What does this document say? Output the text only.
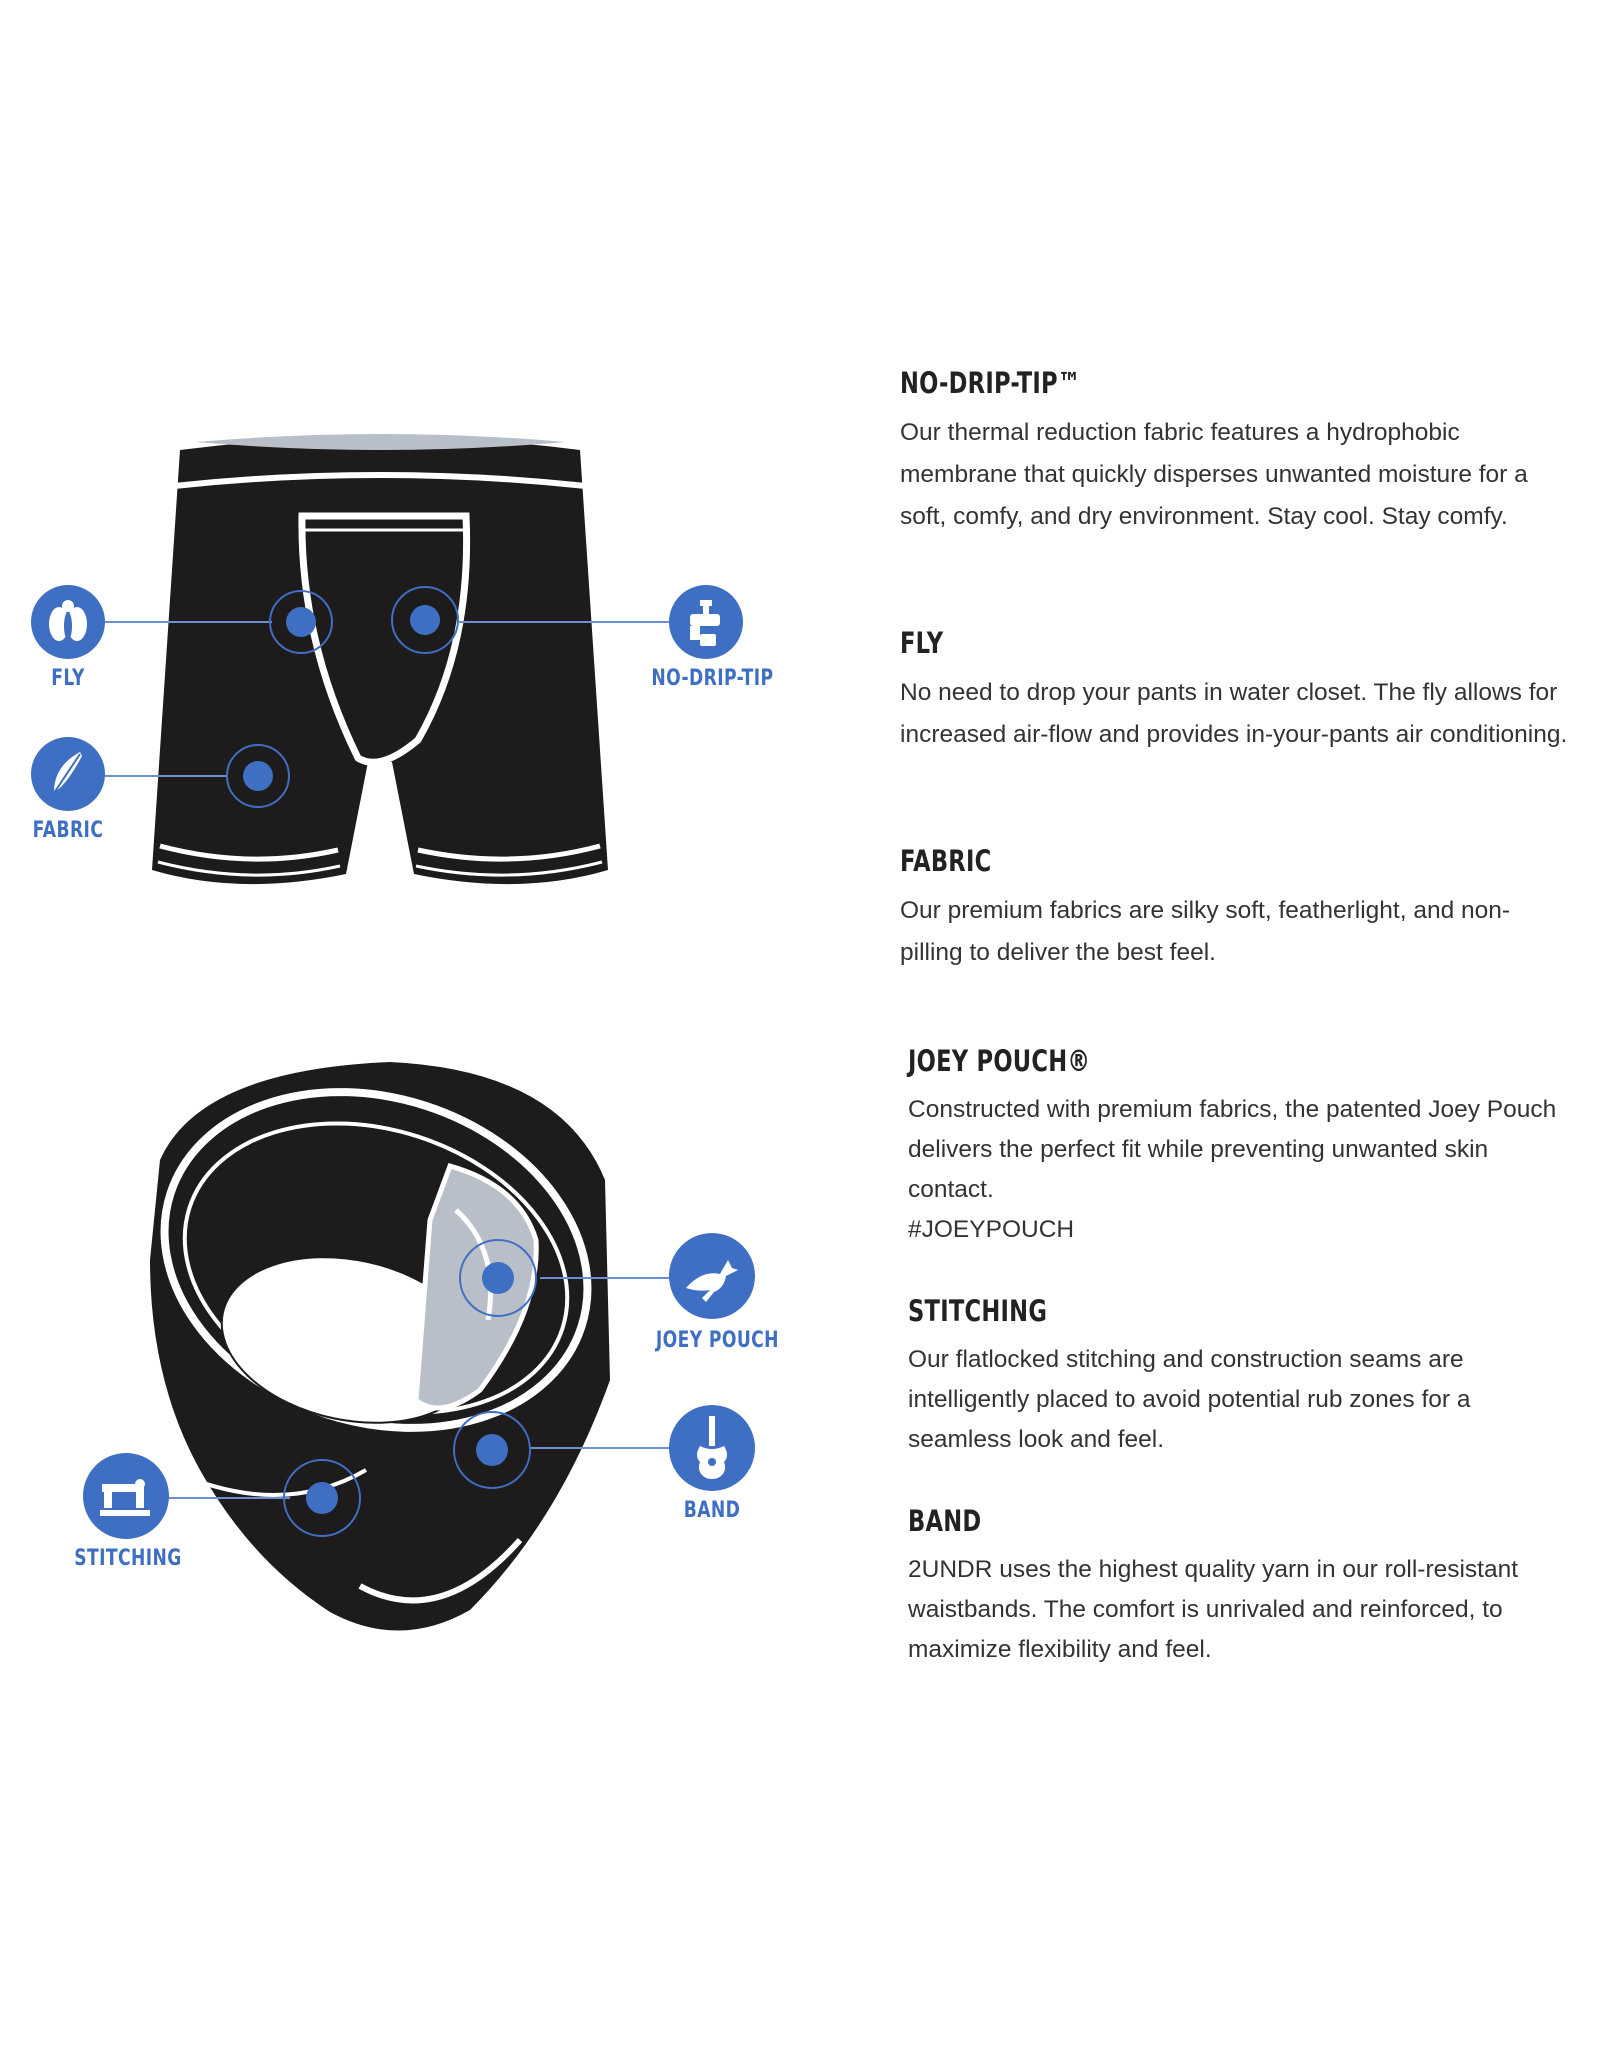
FLY	NO-DRIP-TIP
FABRIC
JOEY POUCH
BAND
STITCHING
NO-DRIP-TIP™

Our thermal reduction fabric features a hydrophobic membrane that quickly disperses unwanted moisture for a soft, comfy, and dry environment. Stay cool. Stay comfy.

FLY

No need to drop your pants in water closet. The fly allows for increased air-flow and provides in-your-pants air conditioning.

FABRIC

Our premium fabrics are silky soft, featherlight, and non-pilling to deliver the best feel.

JOEY POUCH®

Constructed with premium fabrics, the patented Joey Pouch delivers the perfect fit while preventing unwanted skin contact.

#JOEYPOUCH

STITCHING

Our flatlocked stitching and construction seams are intelligently placed to avoid potential rub zones for a seamless look and feel.

BAND

2UNDR uses the highest quality yarn in our roll-resistant waistbands. The comfort is unrivaled and reinforced, to maximize flexibility and feel.
